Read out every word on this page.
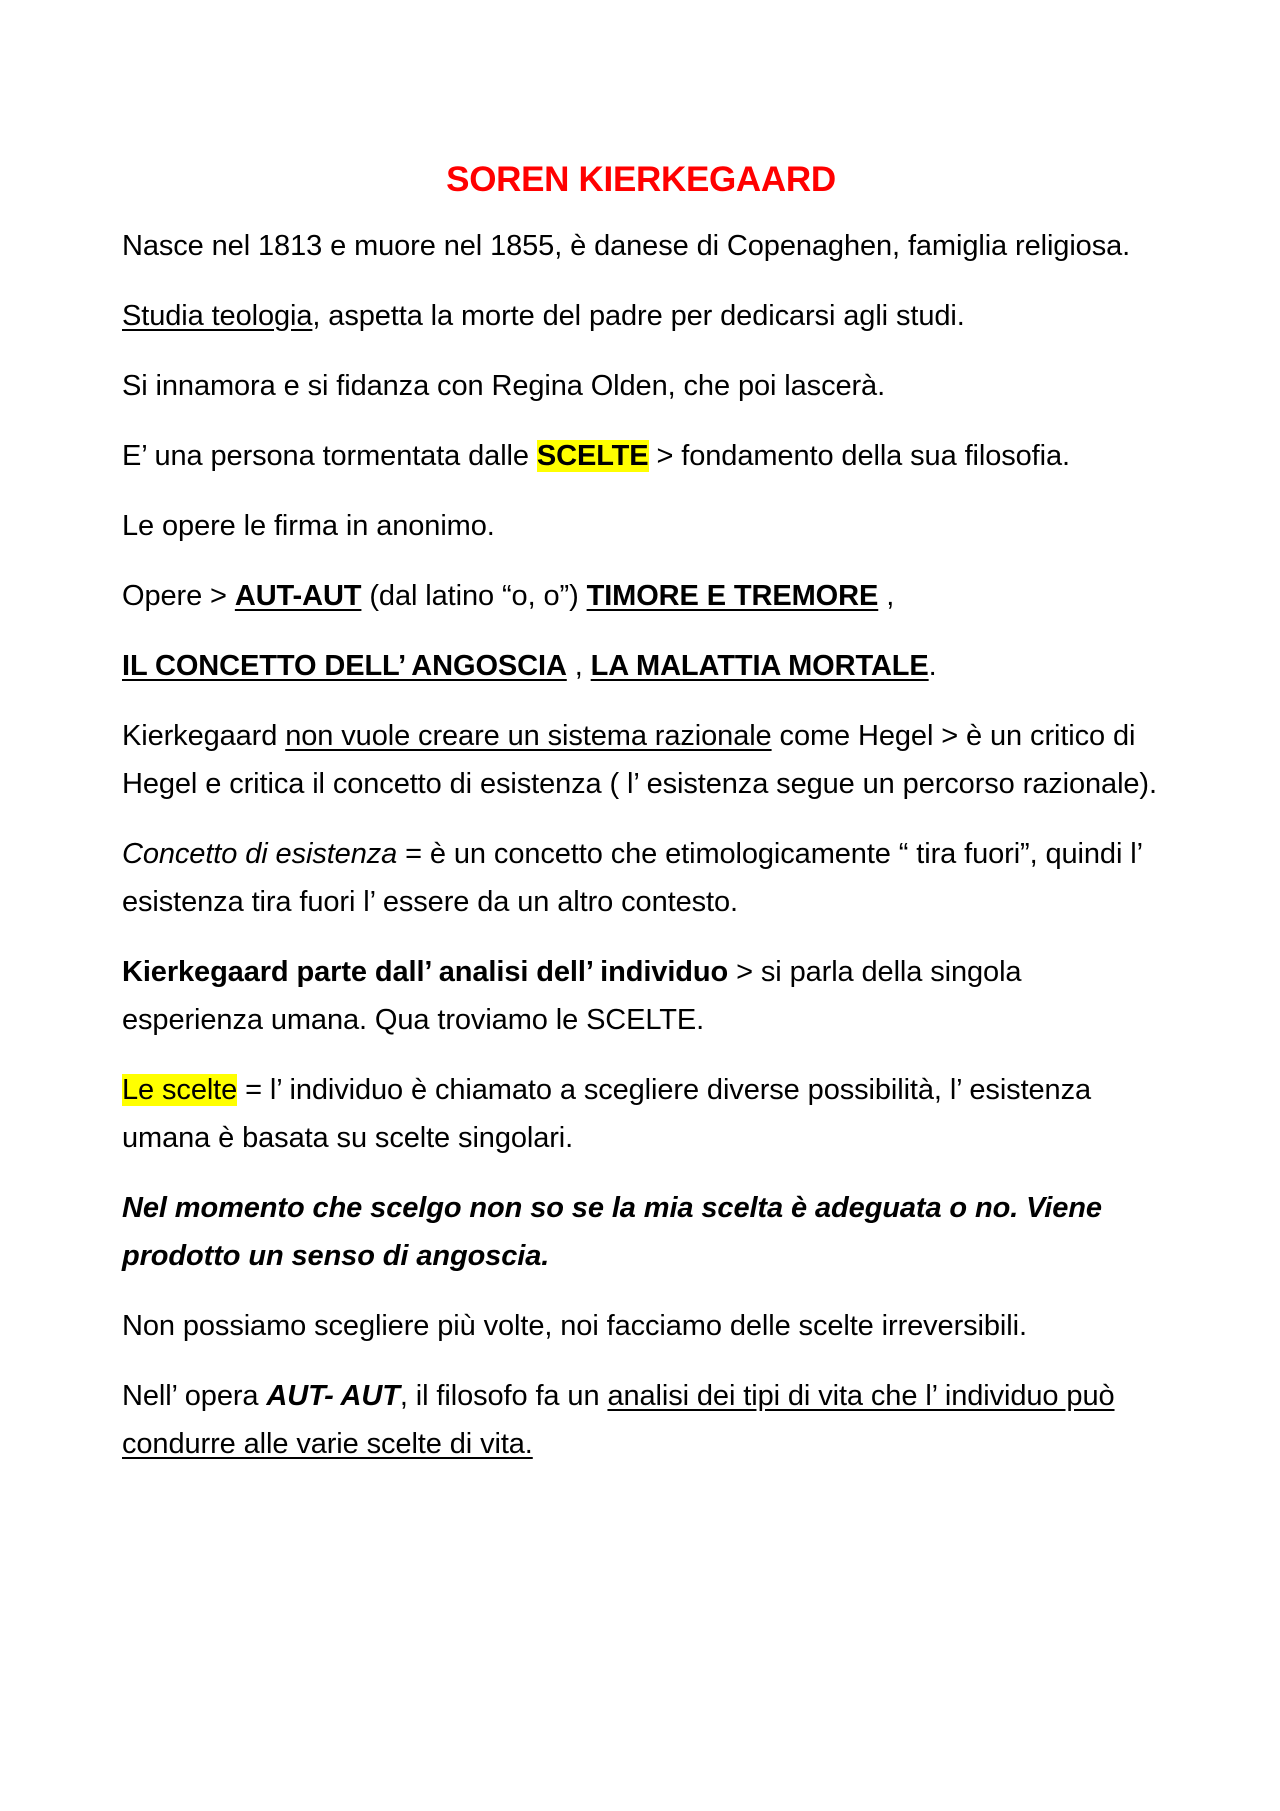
SOREN KIERKEGAARD

Nasce nel 1813 e muore nel 1855, è danese di Copenaghen, famiglia religiosa.

Studia teologia, aspetta la morte del padre per dedicarsi agli studi.

Si innamora e si fidanza con Regina Olden, che poi lascerà.

E’ una persona tormentata dalle SCELTE > fondamento della sua filosofia.

Le opere le firma in anonimo.

Opere > AUT-AUT (dal latino “o, o”) TIMORE E TREMORE ,

IL CONCETTO DELL’ ANGOSCIA , LA MALATTIA MORTALE.

Kierkegaard non vuole creare un sistema razionale come Hegel > è un critico di Hegel e critica il concetto di esistenza ( l’ esistenza segue un percorso razionale).

Concetto di esistenza = è un concetto che etimologicamente “ tira fuori”, quindi l’ esistenza tira fuori l’ essere da un altro contesto.

Kierkegaard parte dall’ analisi dell’ individuo > si parla della singola esperienza umana. Qua troviamo le SCELTE.

Le scelte = l’ individuo è chiamato a scegliere diverse possibilità, l’ esistenza umana è basata su scelte singolari.

Nel momento che scelgo non so se la mia scelta è adeguata o no. Viene prodotto un senso di angoscia.

Non possiamo scegliere più volte, noi facciamo delle scelte irreversibili.

Nell’ opera AUT- AUT, il filosofo fa un analisi dei tipi di vita che l’ individuo può condurre alle varie scelte di vita.
